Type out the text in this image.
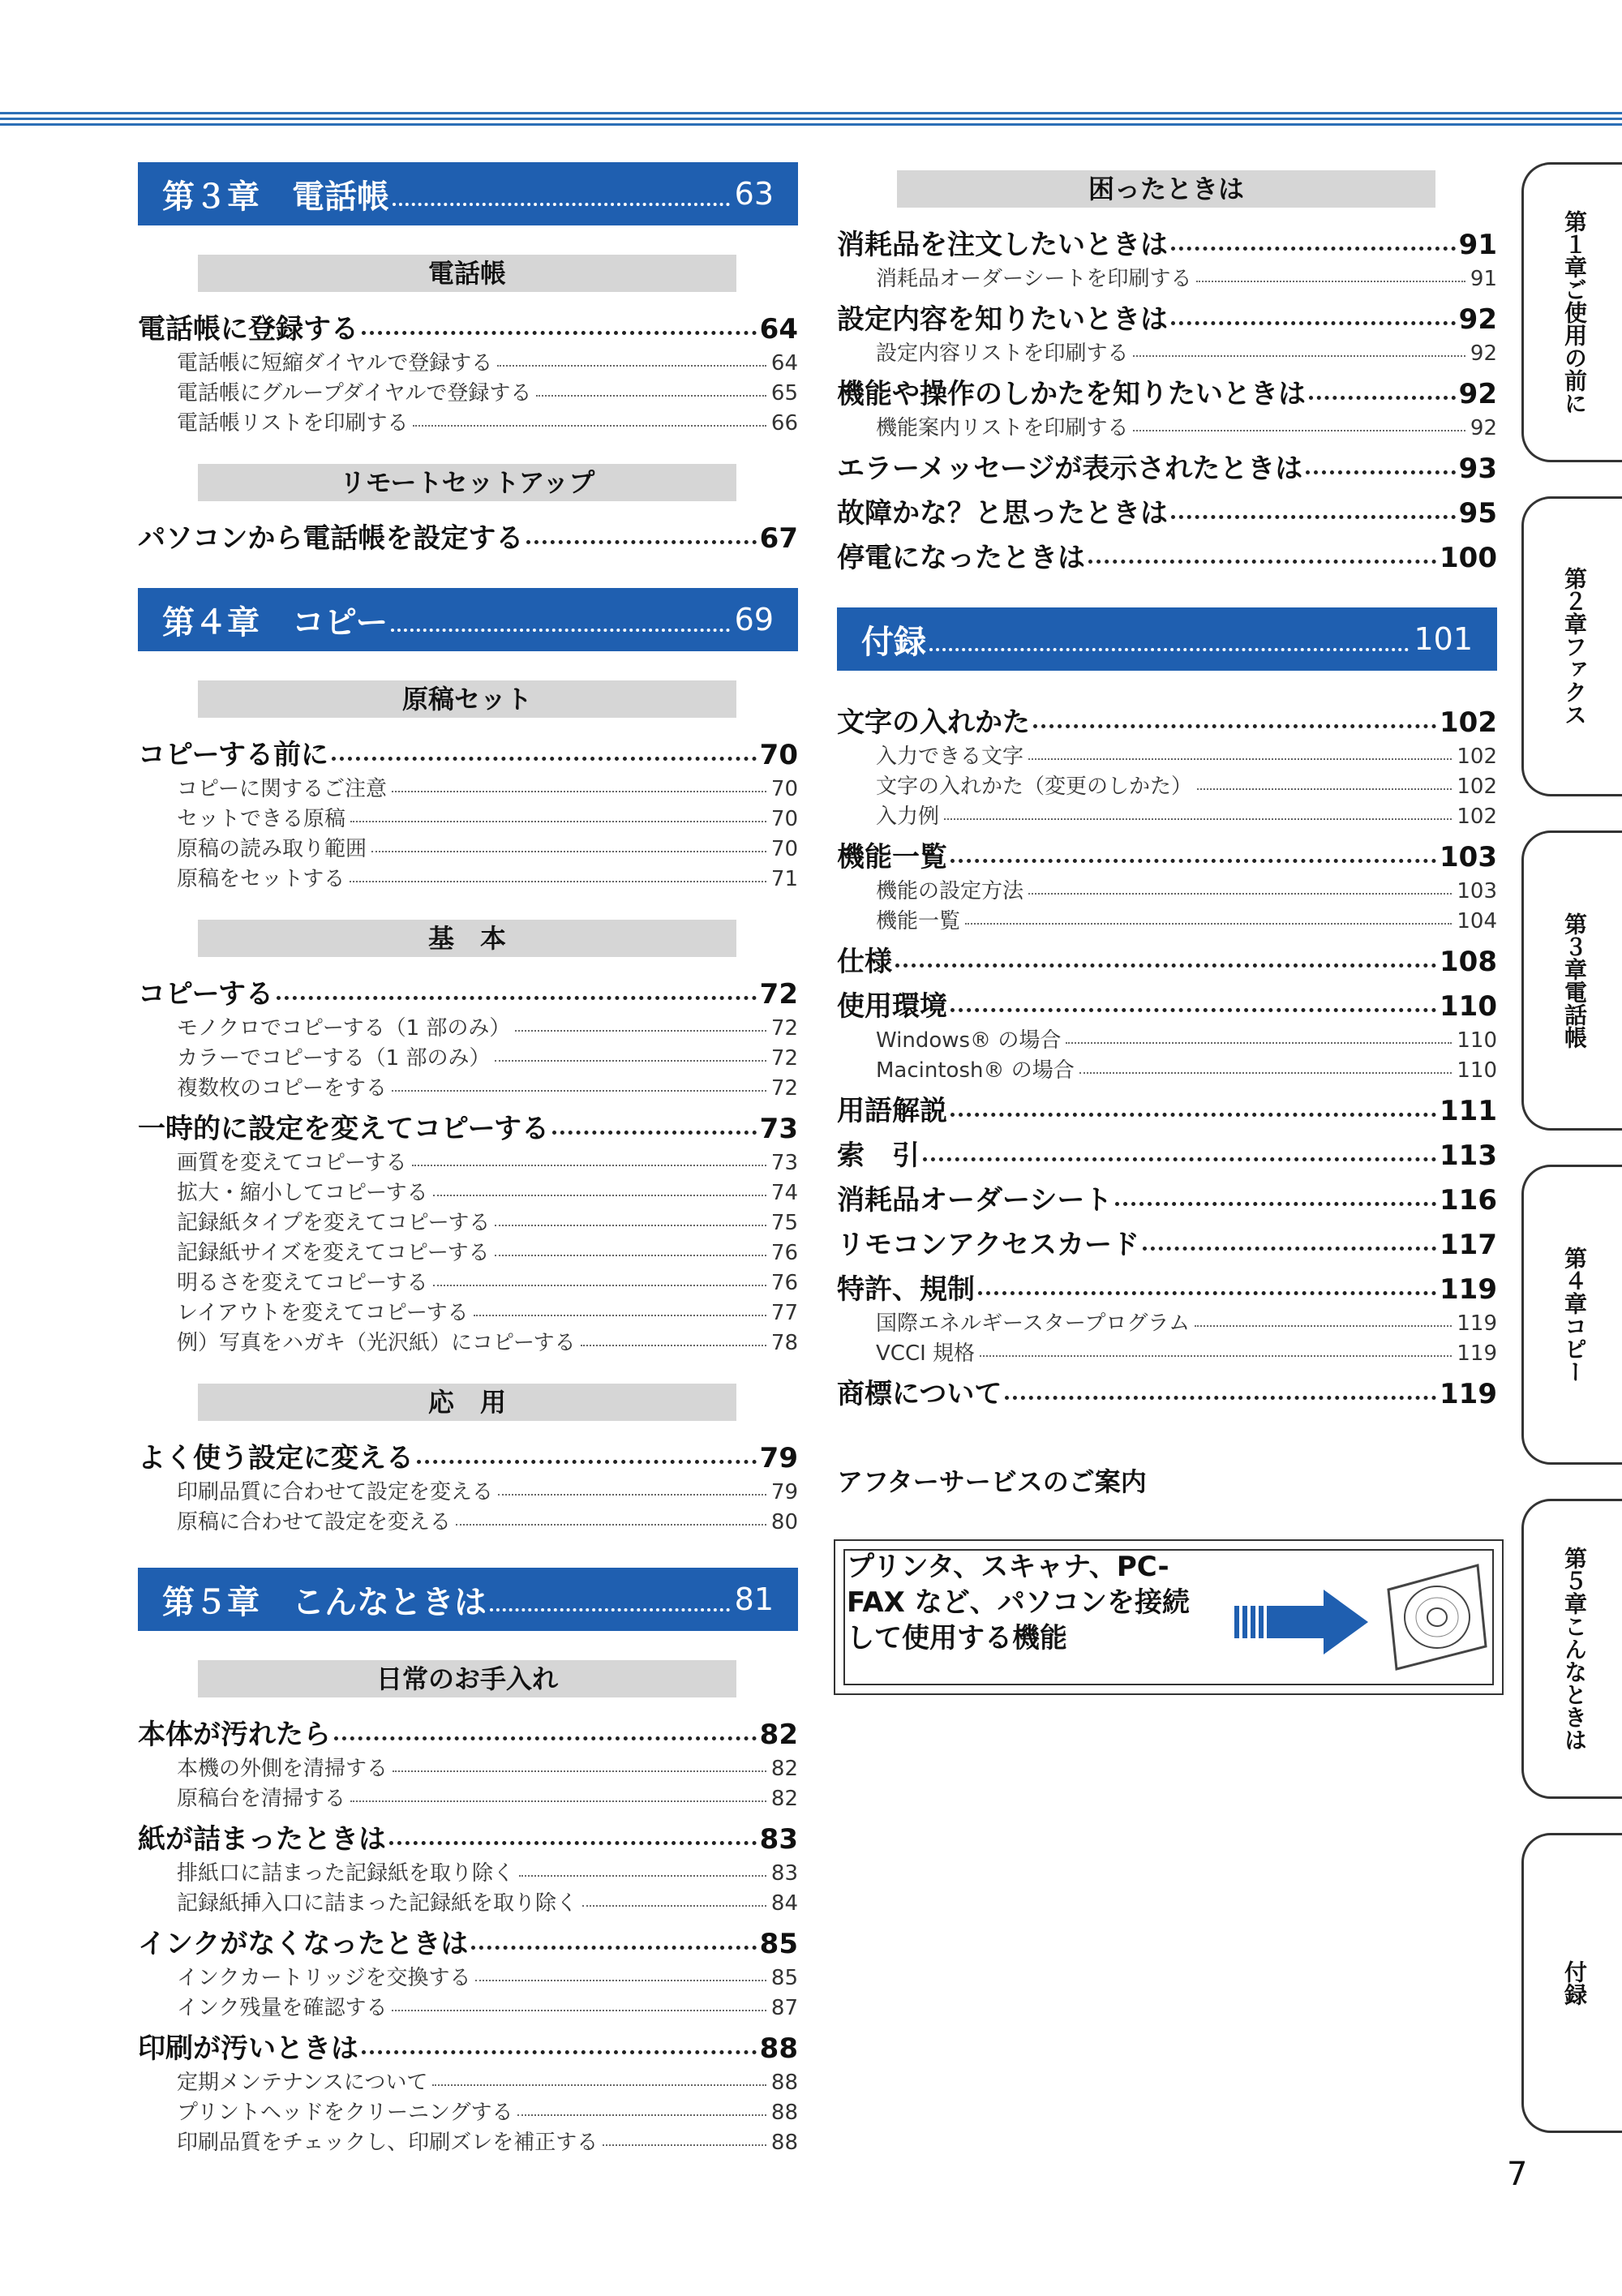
第３章　電話帳	63
電話帳
電話帳に登録する	64
電話帳に短縮ダイヤルで登録する	64
電話帳にグループダイヤルで登録する	65
電話帳リストを印刷する	66
リモートセットアップ
パソコンから電話帳を設定する	67
第４章　コピー	69
原稿セット
コピーする前に	70
コピーに関するご注意	70
セットできる原稿	70
原稿の読み取り範囲	70
原稿をセットする	71
基　本
コピーする	72
モノクロでコピーする（1 部のみ）	72
カラーでコピーする（1 部のみ）	72
複数枚のコピーをする	72
一時的に設定を変えてコピーする	73
画質を変えてコピーする	73
拡大・縮小してコピーする	74
記録紙タイプを変えてコピーする	75
記録紙サイズを変えてコピーする	76
明るさを変えてコピーする	76
レイアウトを変えてコピーする	77
例）写真をハガキ（光沢紙）にコピーする	78
応　用
よく使う設定に変える	79
印刷品質に合わせて設定を変える	79
原稿に合わせて設定を変える	80
第５章　こんなときは	81
日常のお手入れ
本体が汚れたら	82
本機の外側を清掃する	82
原稿台を清掃する	82
紙が詰まったときは	83
排紙口に詰まった記録紙を取り除く	83
記録紙挿入口に詰まった記録紙を取り除く	84
インクがなくなったときは	85
インクカートリッジを交換する	85
インク残量を確認する	87
印刷が汚いときは	88
定期メンテナンスについて	88
プリントヘッドをクリーニングする	88
印刷品質をチェックし、印刷ズレを補正する	88
困ったときは
消耗品を注文したいときは	91
消耗品オーダーシートを印刷する	91
設定内容を知りたいときは	92
設定内容リストを印刷する	92
機能や操作のしかたを知りたいときは	92
機能案内リストを印刷する	92
エラーメッセージが表示されたときは	93
故障かな？と思ったときは	95
停電になったときは	100
付録	101
文字の入れかた	102
入力できる文字	102
文字の入れかた（変更のしかた）	102
入力例	102
機能一覧	103
機能の設定方法	103
機能一覧	104
仕様	108
使用環境	110
Windows® の場合	110
Macintosh® の場合	110
用語解説	111
索　引	113
消耗品オーダーシート	116
リモコンアクセスカード	117
特許、規制	119
国際エネルギースタープログラム	119
VCCI 規格	119
商標について	119
アフターサービスのご案内
プリンタ、スキャナ、PC-
FAX など、パソコンを接続
して使用する機能
第１章
ご使用の前に
第２章
ファクス
第３章
電話帳
第４章
コピー
第５章
こんなときは
付録
7
